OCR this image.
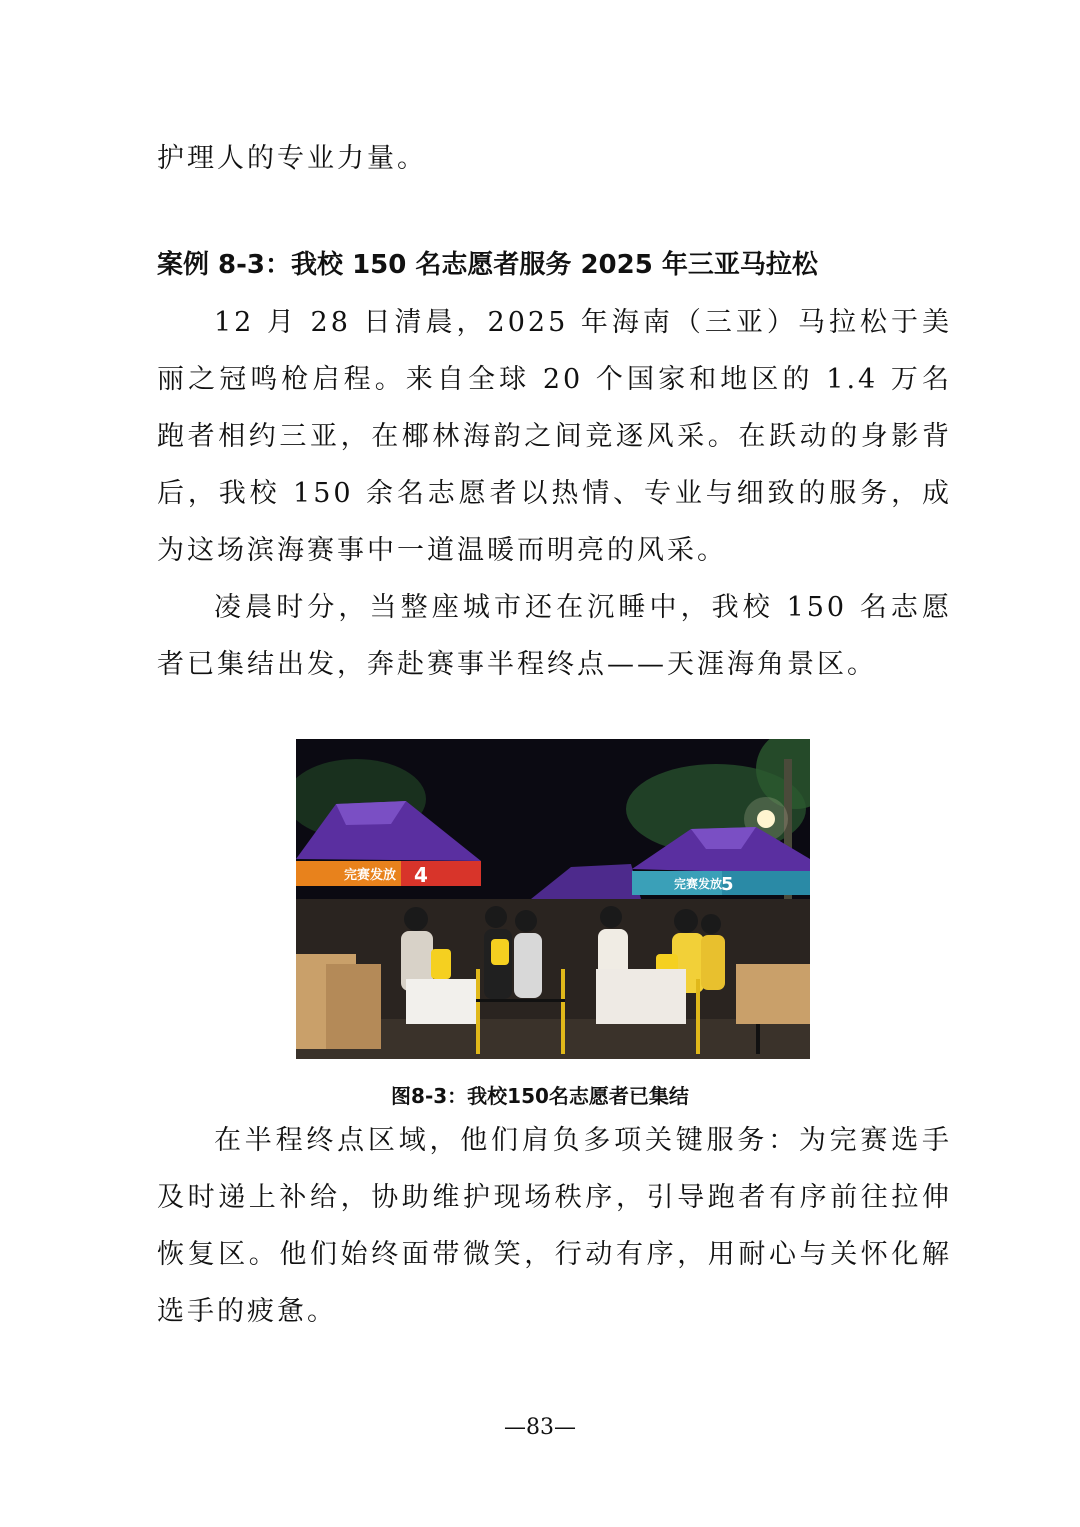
护理人的专业力量。

案例 8-3：我校 150 名志愿者服务 2025 年三亚马拉松

12 月 28 日清晨，2025 年海南（三亚）马拉松于美丽之冠鸣枪启程。来自全球 20 个国家和地区的 1.4 万名跑者相约三亚，在椰林海韵之间竞逐风采。在跃动的身影背后，我校 150 余名志愿者以热情、专业与细致的服务，成为这场滨海赛事中一道温暖而明亮的风采。

凌晨时分，当整座城市还在沉睡中，我校 150 名志愿者已集结出发，奔赴赛事半程终点——天涯海角景区。

完赛发放 4	完赛发放
5
图8-3：我校150名志愿者已集结

在半程终点区域，他们肩负多项关键服务：为完赛选手及时递上补给，协助维护现场秩序，引导跑者有序前往拉伸恢复区。他们始终面带微笑，行动有序，用耐心与关怀化解选手的疲惫。

—83—
